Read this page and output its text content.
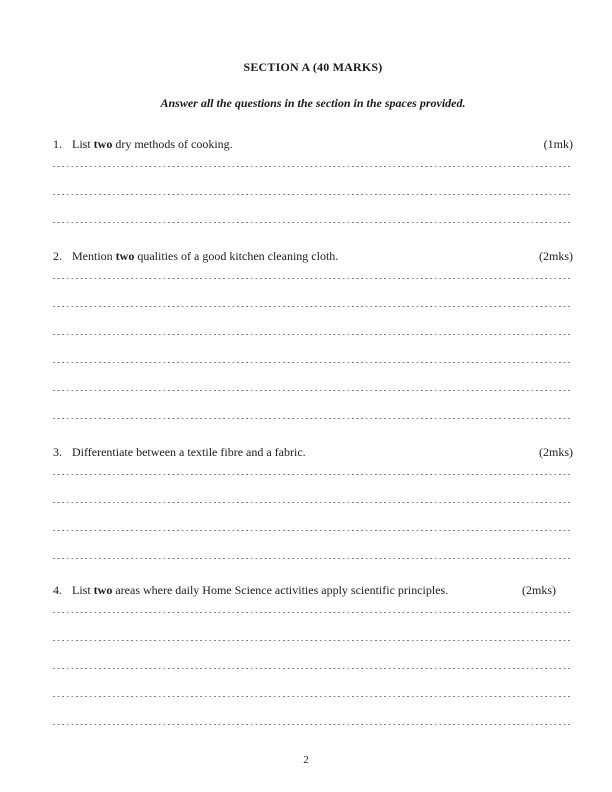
SECTION A (40 MARKS)
Answer all the questions in the section in the spaces provided.
1. List two dry methods of cooking.	(1mk)
2. Mention two qualities of a good kitchen cleaning cloth.	(2mks)
3. Differentiate between a textile fibre and a fabric.	(2mks)
4. List two areas where daily Home Science activities apply scientific principles.	(2mks)
2
